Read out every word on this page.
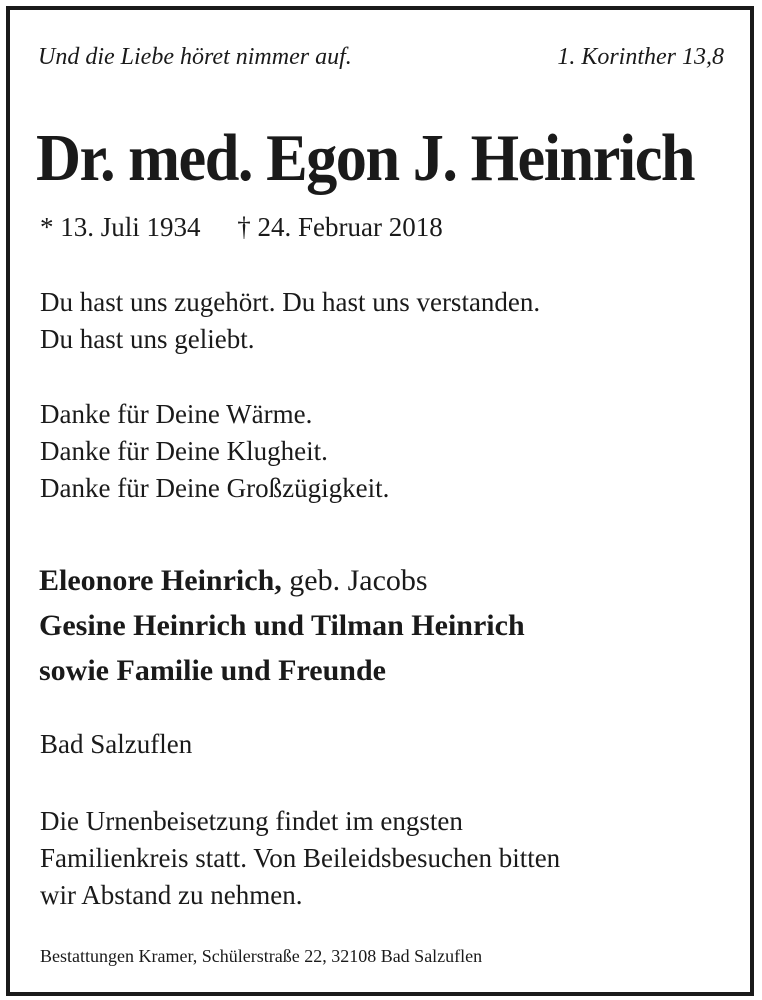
Und die Liebe höret nimmer auf.	1. Korinther 13,8
Dr. med. Egon J. Heinrich
* 13. Juli 1934 † 24. Februar 2018
Du hast uns zugehört. Du hast uns verstanden.
Du hast uns geliebt.
Danke für Deine Wärme.
Danke für Deine Klugheit.
Danke für Deine Großzügigkeit.
Eleonore Heinrich, geb. Jacobs
Gesine Heinrich und Tilman Heinrich
sowie Familie und Freunde
Bad Salzuflen
Die Urnenbeisetzung findet im engsten
Familienkreis statt. Von Beileidsbesuchen bitten
wir Abstand zu nehmen.
Bestattungen Kramer, Schülerstraße 22, 32108 Bad Salzuflen
